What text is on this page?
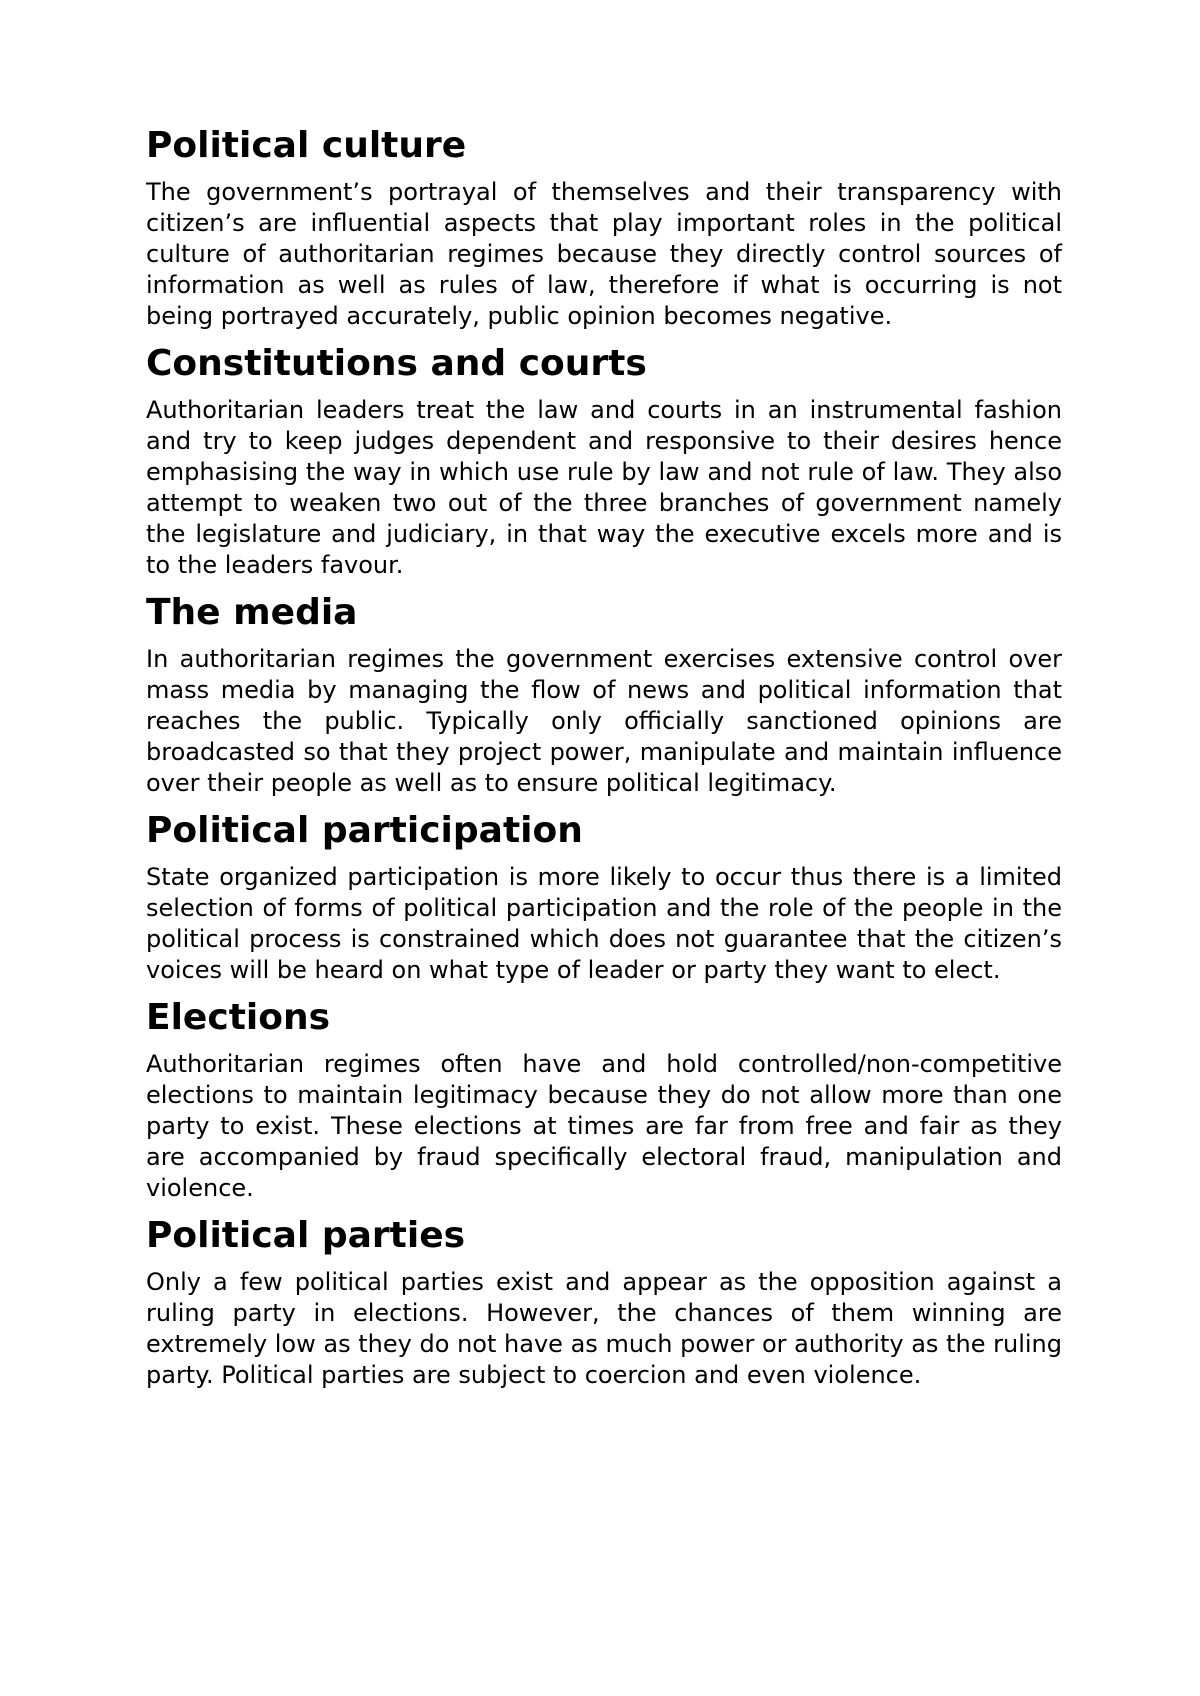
Political culture

The government’s portrayal of themselves and their transparency with citizen’s are influential aspects that play important roles in the political culture of authoritarian regimes because they directly control sources of information as well as rules of law, therefore if what is occurring is not being portrayed accurately, public opinion becomes negative.

Constitutions and courts

Authoritarian leaders treat the law and courts in an instrumental fashion and try to keep judges dependent and responsive to their desires hence emphasising the way in which use rule by law and not rule of law. They also attempt to weaken two out of the three branches of government namely the legislature and judiciary, in that way the executive excels more and is to the leaders favour.

The media

In authoritarian regimes the government exercises extensive control over mass media by managing the flow of news and political information that reaches the public. Typically only officially sanctioned opinions are broadcasted so that they project power, manipulate and maintain influence over their people as well as to ensure political legitimacy.

Political participation

State organized participation is more likely to occur thus there is a limited selection of forms of political participation and the role of the people in the political process is constrained which does not guarantee that the citizen’s voices will be heard on what type of leader or party they want to elect.

Elections

Authoritarian regimes often have and hold controlled/non-competitive elections to maintain legitimacy because they do not allow more than one party to exist. These elections at times are far from free and fair as they are accompanied by fraud specifically electoral fraud, manipulation and violence.

Political parties

Only a few political parties exist and appear as the opposition against a ruling party in elections. However, the chances of them winning are extremely low as they do not have as much power or authority as the ruling party. Political parties are subject to coercion and even violence.
